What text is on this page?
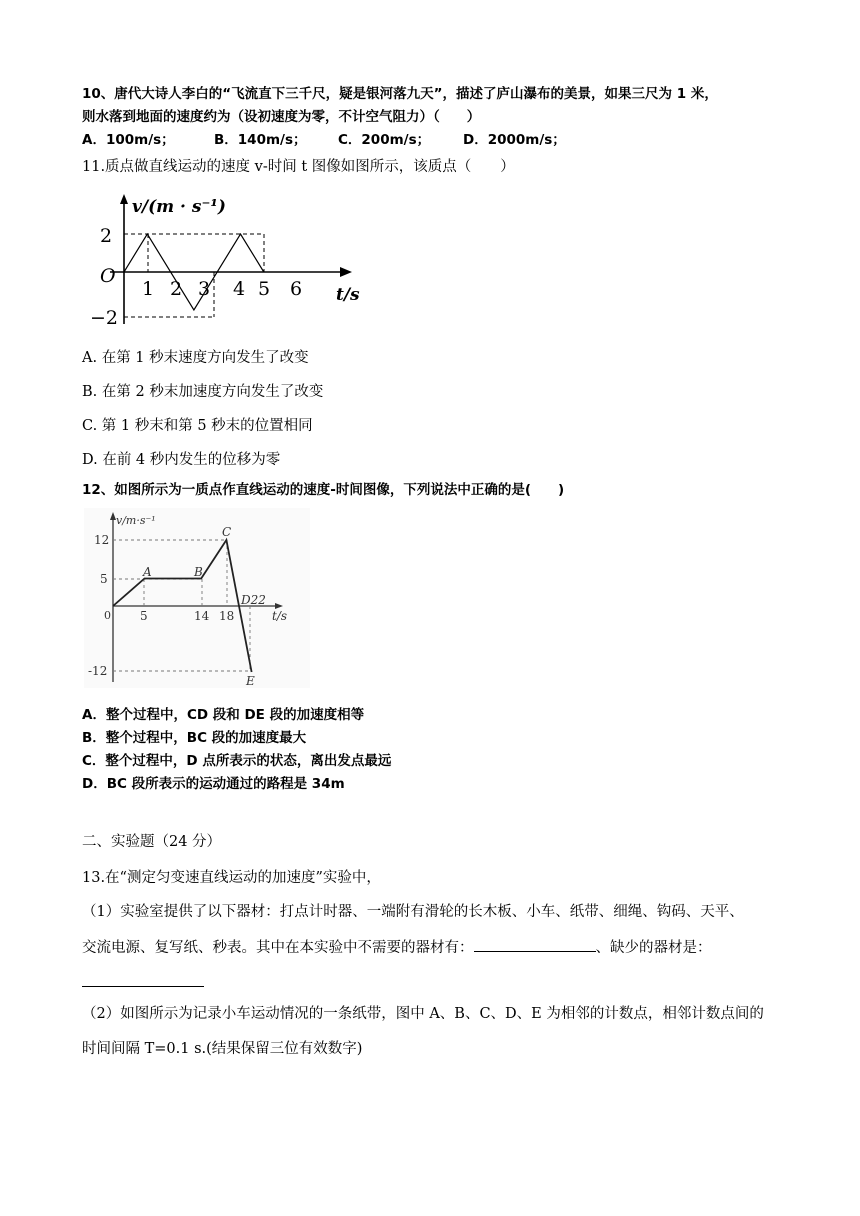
10、唐代大诗人李白的“飞流直下三千尺，疑是银河落九天”，描述了庐山瀑布的美景，如果三尺为 1 米，
则水落到地面的速度约为（设初速度为零，不计空气阻力）（　　）
A．100m/s；	B．140m/s；	C．200m/s；	D．2000m/s；
11.质点做直线运动的速度 v-时间 t 图像如图所示，该质点（　　）
v/(m · s⁻¹)
t/s
O
2
−2
1 2 3 4 5 6
A. 在第 1 秒末速度方向发生了改变
B. 在第 2 秒末加速度方向发生了改变
C. 第 1 秒末和第 5 秒末的位置相同
D. 在前 4 秒内发生的位移为零
12、如图所示为一质点作直线运动的速度-时间图像，下列说法中正确的是(　　)
v/m·s⁻¹
t/s
0
12
5
-12
5	14 18
A	B
C
D22
E
A．整个过程中，CD 段和 DE 段的加速度相等
B．整个过程中，BC 段的加速度最大
C．整个过程中，D 点所表示的状态，离出发点最远
D．BC 段所表示的运动通过的路程是 34m
二、实验题（24 分）
13.在“测定匀变速直线运动的加速度”实验中，
（1）实验室提供了以下器材：打点计时器、一端附有滑轮的长木板、小车、纸带、细绳、钩码、天平、
交流电源、复写纸、秒表。其中在本实验中不需要的器材有：	、缺少的器材是：
（2）如图所示为记录小车运动情况的一条纸带，图中 A、B、C、D、E 为相邻的计数点，相邻计数点间的
时间间隔 T=0.1 s.(结果保留三位有效数字)
